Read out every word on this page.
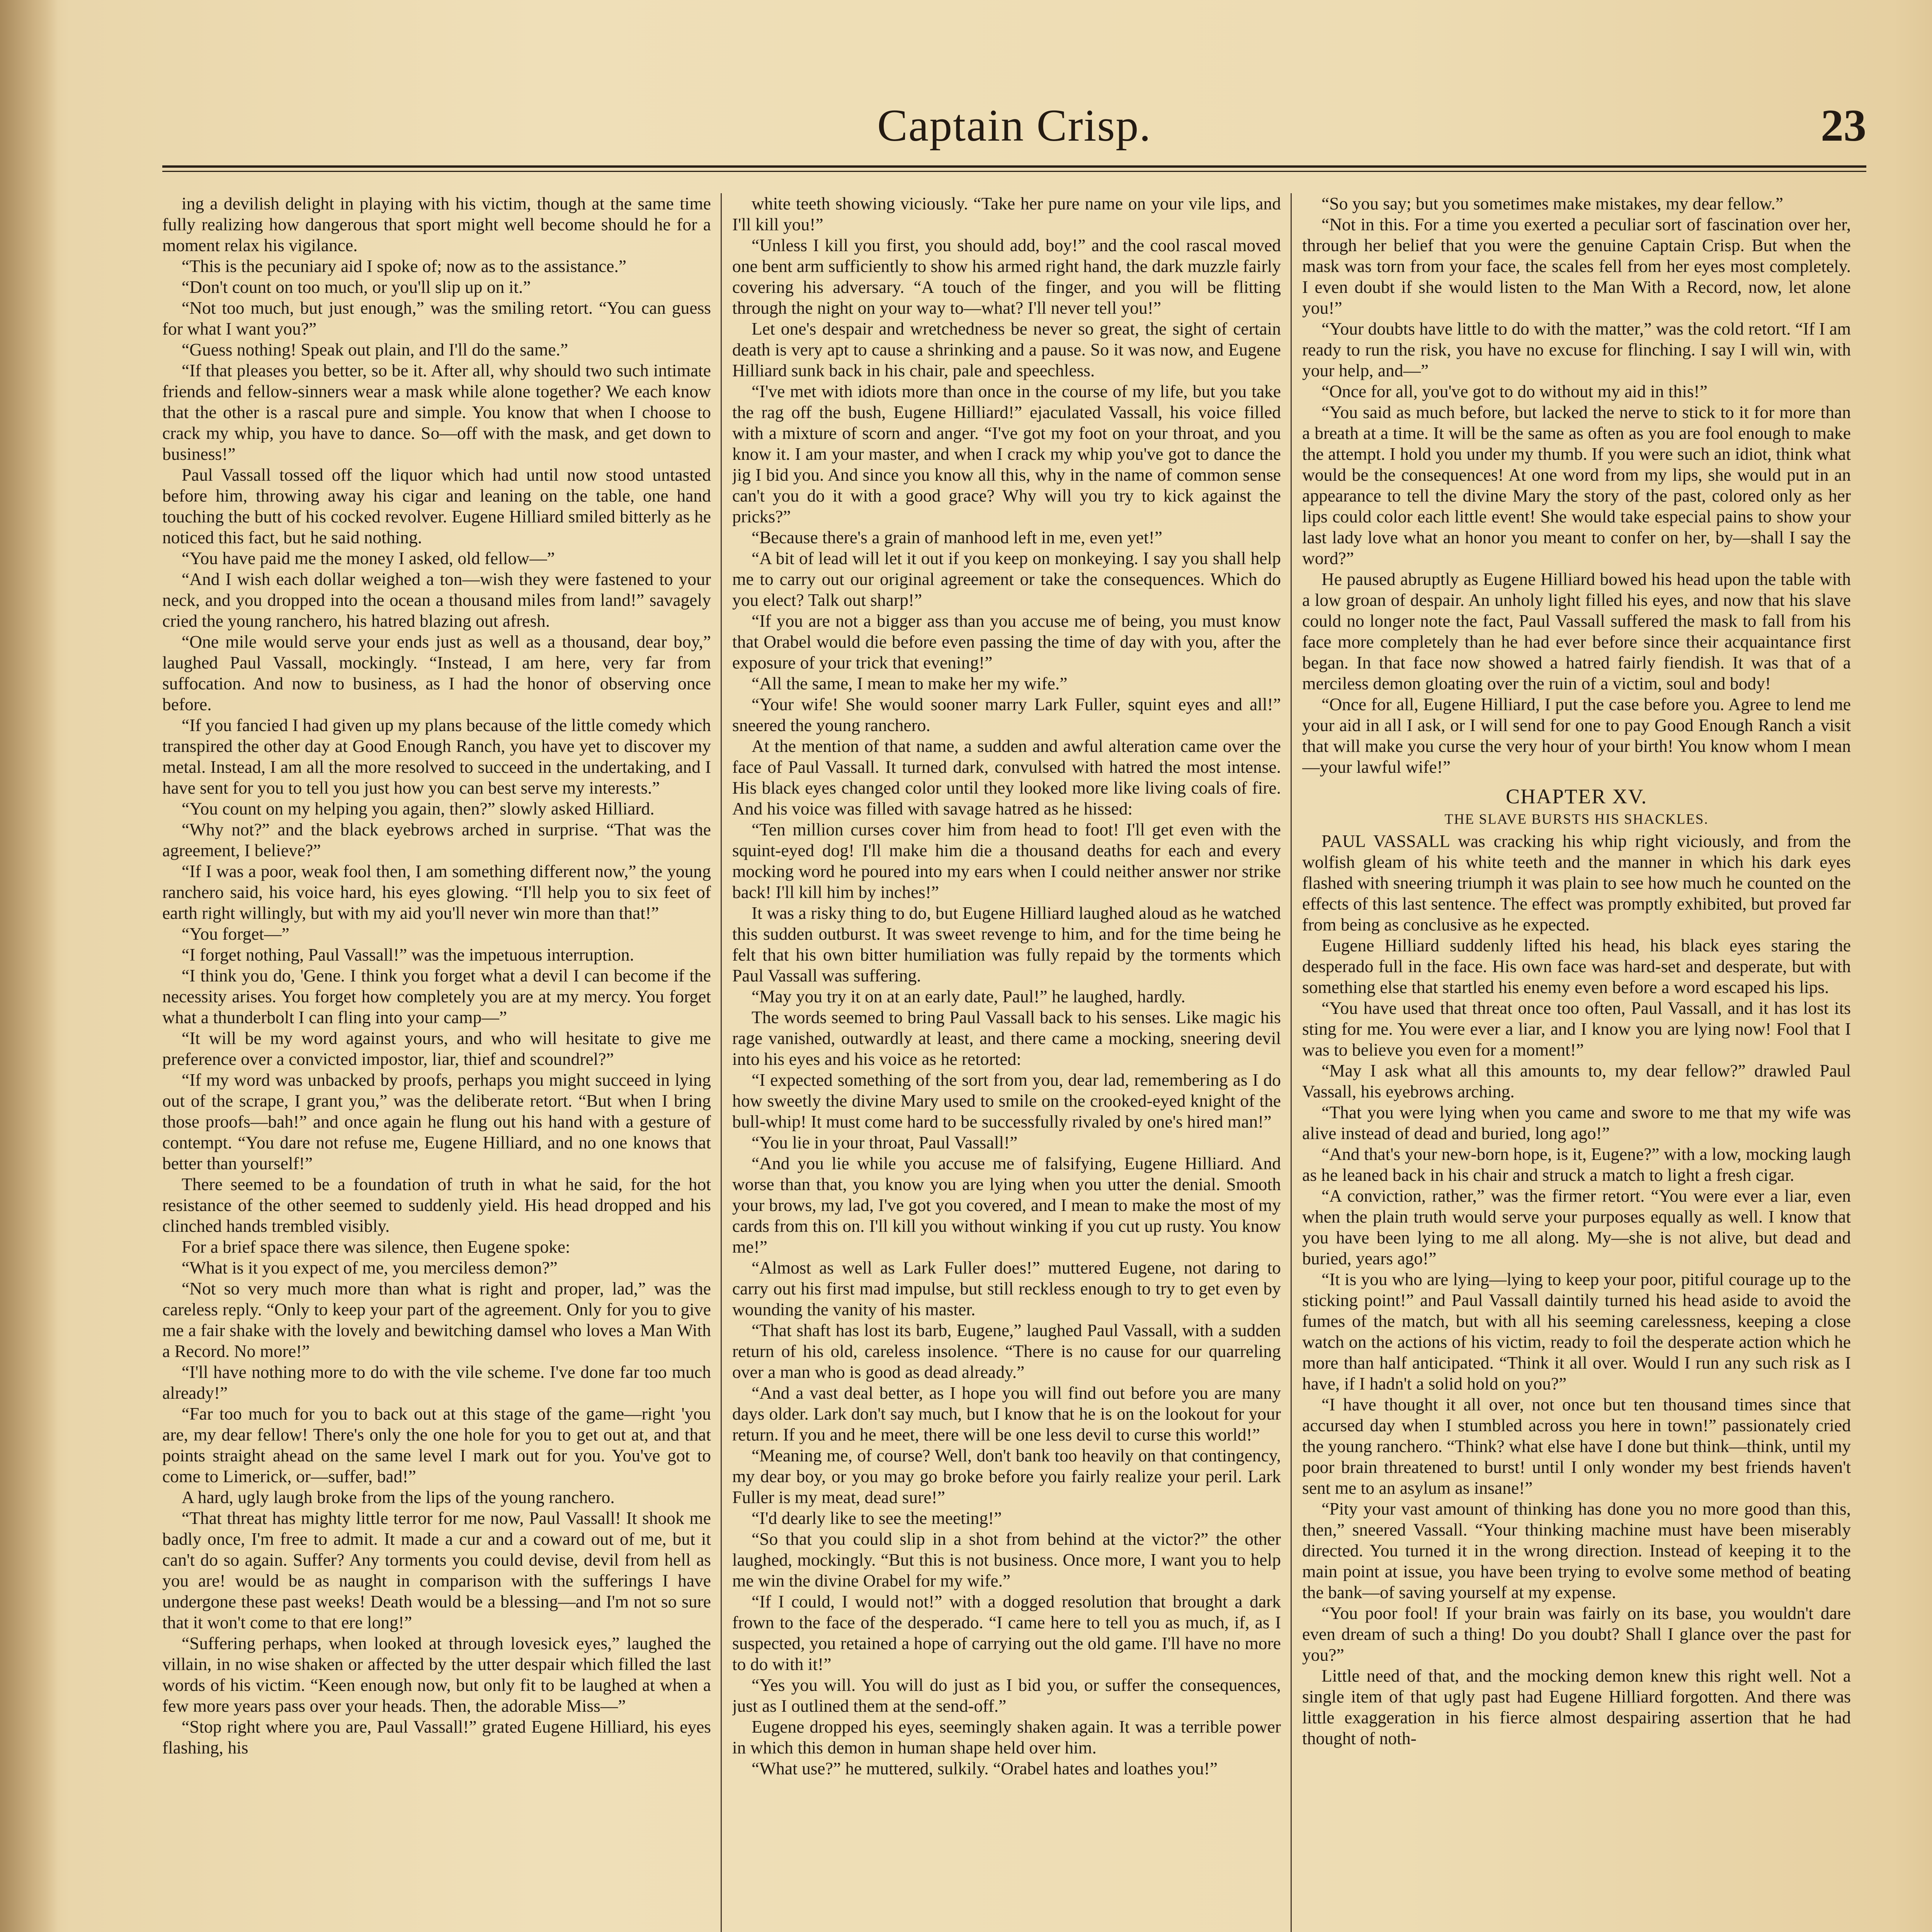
Captain Crisp.	23

ing a devilish delight in playing with his victim, though at the same time fully realizing how dangerous that sport might well become should he for a moment relax his vigilance.

“This is the pecuniary aid I spoke of; now as to the assistance.”

“Don't count on too much, or you'll slip up on it.”

“Not too much, but just enough,” was the smiling retort. “You can guess for what I want you?”

“Guess nothing! Speak out plain, and I'll do the same.”

“If that pleases you better, so be it. After all, why should two such intimate friends and fellow-sinners wear a mask while alone together? We each know that the other is a rascal pure and simple. You know that when I choose to crack my whip, you have to dance. So—off with the mask, and get down to business!”

Paul Vassall tossed off the liquor which had until now stood untasted before him, throwing away his cigar and leaning on the table, one hand touching the butt of his cocked revolver. Eugene Hilliard smiled bitterly as he noticed this fact, but he said nothing.

“You have paid me the money I asked, old fellow—”

“And I wish each dollar weighed a ton—wish they were fastened to your neck, and you dropped into the ocean a thousand miles from land!” savagely cried the young ranchero, his hatred blazing out afresh.

“One mile would serve your ends just as well as a thousand, dear boy,” laughed Paul Vassall, mockingly. “Instead, I am here, very far from suffocation. And now to business, as I had the honor of observing once before.

“If you fancied I had given up my plans because of the little comedy which transpired the other day at Good Enough Ranch, you have yet to discover my metal. Instead, I am all the more resolved to succeed in the undertaking, and I have sent for you to tell you just how you can best serve my interests.”

“You count on my helping you again, then?” slowly asked Hilliard.

“Why not?” and the black eyebrows arched in surprise. “That was the agreement, I believe?”

“If I was a poor, weak fool then, I am something different now,” the young ranchero said, his voice hard, his eyes glowing. “I'll help you to six feet of earth right willingly, but with my aid you'll never win more than that!”

“You forget—”

“I forget nothing, Paul Vassall!” was the impetuous interruption.

“I think you do, 'Gene. I think you forget what a devil I can become if the necessity arises. You forget how completely you are at my mercy. You forget what a thunderbolt I can fling into your camp—”

“It will be my word against yours, and who will hesitate to give me preference over a convicted impostor, liar, thief and scoundrel?”

“If my word was unbacked by proofs, perhaps you might succeed in lying out of the scrape, I grant you,” was the deliberate retort. “But when I bring those proofs—bah!” and once again he flung out his hand with a gesture of contempt. “You dare not refuse me, Eugene Hilliard, and no one knows that better than yourself!”

There seemed to be a foundation of truth in what he said, for the hot resistance of the other seemed to suddenly yield. His head dropped and his clinched hands trembled visibly.

For a brief space there was silence, then Eugene spoke:

“What is it you expect of me, you merciless demon?”

“Not so very much more than what is right and proper, lad,” was the careless reply. “Only to keep your part of the agreement. Only for you to give me a fair shake with the lovely and bewitching damsel who loves a Man With a Record. No more!”

“I'll have nothing more to do with the vile scheme. I've done far too much already!”

“Far too much for you to back out at this stage of the game—right 'you are, my dear fellow! There's only the one hole for you to get out at, and that points straight ahead on the same level I mark out for you. You've got to come to Limerick, or—suffer, bad!”

A hard, ugly laugh broke from the lips of the young ranchero.

“That threat has mighty little terror for me now, Paul Vassall! It shook me badly once, I'm free to admit. It made a cur and a coward out of me, but it can't do so again. Suffer? Any torments you could devise, devil from hell as you are! would be as naught in comparison with the sufferings I have undergone these past weeks! Death would be a blessing—and I'm not so sure that it won't come to that ere long!”

“Suffering perhaps, when looked at through lovesick eyes,” laughed the villain, in no wise shaken or affected by the utter despair which filled the last words of his victim. “Keen enough now, but only fit to be laughed at when a few more years pass over your heads. Then, the adorable Miss—”

“Stop right where you are, Paul Vassall!” grated Eugene Hilliard, his eyes flashing, his

white teeth showing viciously. “Take her pure name on your vile lips, and I'll kill you!”

“Unless I kill you first, you should add, boy!” and the cool rascal moved one bent arm sufficiently to show his armed right hand, the dark muzzle fairly covering his adversary. “A touch of the finger, and you will be flitting through the night on your way to—what? I'll never tell you!”

Let one's despair and wretchedness be never so great, the sight of certain death is very apt to cause a shrinking and a pause. So it was now, and Eugene Hilliard sunk back in his chair, pale and speechless.

“I've met with idiots more than once in the course of my life, but you take the rag off the bush, Eugene Hilliard!” ejaculated Vassall, his voice filled with a mixture of scorn and anger. “I've got my foot on your throat, and you know it. I am your master, and when I crack my whip you've got to dance the jig I bid you. And since you know all this, why in the name of common sense can't you do it with a good grace? Why will you try to kick against the pricks?”

“Because there's a grain of manhood left in me, even yet!”

“A bit of lead will let it out if you keep on monkeying. I say you shall help me to carry out our original agreement or take the consequences. Which do you elect? Talk out sharp!”

“If you are not a bigger ass than you accuse me of being, you must know that Orabel would die before even passing the time of day with you, after the exposure of your trick that evening!”

“All the same, I mean to make her my wife.”

“Your wife! She would sooner marry Lark Fuller, squint eyes and all!” sneered the young ranchero.

At the mention of that name, a sudden and awful alteration came over the face of Paul Vassall. It turned dark, convulsed with hatred the most intense. His black eyes changed color until they looked more like living coals of fire. And his voice was filled with savage hatred as he hissed:

“Ten million curses cover him from head to foot! I'll get even with the squint-eyed dog! I'll make him die a thousand deaths for each and every mocking word he poured into my ears when I could neither answer nor strike back! I'll kill him by inches!”

It was a risky thing to do, but Eugene Hilliard laughed aloud as he watched this sudden outburst. It was sweet revenge to him, and for the time being he felt that his own bitter humiliation was fully repaid by the torments which Paul Vassall was suffering.

“May you try it on at an early date, Paul!” he laughed, hardly.

The words seemed to bring Paul Vassall back to his senses. Like magic his rage vanished, outwardly at least, and there came a mocking, sneering devil into his eyes and his voice as he retorted:

“I expected something of the sort from you, dear lad, remembering as I do how sweetly the divine Mary used to smile on the crooked-eyed knight of the bull-whip! It must come hard to be successfully rivaled by one's hired man!”

“You lie in your throat, Paul Vassall!”

“And you lie while you accuse me of falsifying, Eugene Hilliard. And worse than that, you know you are lying when you utter the denial. Smooth your brows, my lad, I've got you covered, and I mean to make the most of my cards from this on. I'll kill you without winking if you cut up rusty. You know me!”

“Almost as well as Lark Fuller does!” muttered Eugene, not daring to carry out his first mad impulse, but still reckless enough to try to get even by wounding the vanity of his master.

“That shaft has lost its barb, Eugene,” laughed Paul Vassall, with a sudden return of his old, careless insolence. “There is no cause for our quarreling over a man who is good as dead already.”

“And a vast deal better, as I hope you will find out before you are many days older. Lark don't say much, but I know that he is on the lookout for your return. If you and he meet, there will be one less devil to curse this world!”

“Meaning me, of course? Well, don't bank too heavily on that contingency, my dear boy, or you may go broke before you fairly realize your peril. Lark Fuller is my meat, dead sure!”

“I'd dearly like to see the meeting!”

“So that you could slip in a shot from behind at the victor?” the other laughed, mockingly. “But this is not business. Once more, I want you to help me win the divine Orabel for my wife.”

“If I could, I would not!” with a dogged resolution that brought a dark frown to the face of the desperado. “I came here to tell you as much, if, as I suspected, you retained a hope of carrying out the old game. I'll have no more to do with it!”

“Yes you will. You will do just as I bid you, or suffer the consequences, just as I outlined them at the send-off.”

Eugene dropped his eyes, seemingly shaken again. It was a terrible power in which this demon in human shape held over him.

“What use?” he muttered, sulkily. “Orabel hates and loathes you!”

“So you say; but you sometimes make mistakes, my dear fellow.”

“Not in this. For a time you exerted a peculiar sort of fascination over her, through her belief that you were the genuine Captain Crisp. But when the mask was torn from your face, the scales fell from her eyes most completely. I even doubt if she would listen to the Man With a Record, now, let alone you!”

“Your doubts have little to do with the matter,” was the cold retort. “If I am ready to run the risk, you have no excuse for flinching. I say I will win, with your help, and—”

“Once for all, you've got to do without my aid in this!”

“You said as much before, but lacked the nerve to stick to it for more than a breath at a time. It will be the same as often as you are fool enough to make the attempt. I hold you under my thumb. If you were such an idiot, think what would be the consequences! At one word from my lips, she would put in an appearance to tell the divine Mary the story of the past, colored only as her lips could color each little event! She would take especial pains to show your last lady love what an honor you meant to confer on her, by—shall I say the word?”

He paused abruptly as Eugene Hilliard bowed his head upon the table with a low groan of despair. An unholy light filled his eyes, and now that his slave could no longer note the fact, Paul Vassall suffered the mask to fall from his face more completely than he had ever before since their acquaintance first began. In that face now showed a hatred fairly fiendish. It was that of a merciless demon gloating over the ruin of a victim, soul and body!

“Once for all, Eugene Hilliard, I put the case before you. Agree to lend me your aid in all I ask, or I will send for one to pay Good Enough Ranch a visit that will make you curse the very hour of your birth! You know whom I mean—your lawful wife!”

CHAPTER XV.
THE SLAVE BURSTS HIS SHACKLES.

PAUL VASSALL was cracking his whip right viciously, and from the wolfish gleam of his white teeth and the manner in which his dark eyes flashed with sneering triumph it was plain to see how much he counted on the effects of this last sentence. The effect was promptly exhibited, but proved far from being as conclusive as he expected.

Eugene Hilliard suddenly lifted his head, his black eyes staring the desperado full in the face. His own face was hard-set and desperate, but with something else that startled his enemy even before a word escaped his lips.

“You have used that threat once too often, Paul Vassall, and it has lost its sting for me. You were ever a liar, and I know you are lying now! Fool that I was to believe you even for a moment!”

“May I ask what all this amounts to, my dear fellow?” drawled Paul Vassall, his eyebrows arching.

“That you were lying when you came and swore to me that my wife was alive instead of dead and buried, long ago!”

“And that's your new-born hope, is it, Eugene?” with a low, mocking laugh as he leaned back in his chair and struck a match to light a fresh cigar.

“A conviction, rather,” was the firmer retort. “You were ever a liar, even when the plain truth would serve your purposes equally as well. I know that you have been lying to me all along. My—she is not alive, but dead and buried, years ago!”

“It is you who are lying—lying to keep your poor, pitiful courage up to the sticking point!” and Paul Vassall daintily turned his head aside to avoid the fumes of the match, but with all his seeming carelessness, keeping a close watch on the actions of his victim, ready to foil the desperate action which he more than half anticipated. “Think it all over. Would I run any such risk as I have, if I hadn't a solid hold on you?”

“I have thought it all over, not once but ten thousand times since that accursed day when I stumbled across you here in town!” passionately cried the young ranchero. “Think? what else have I done but think—think, until my poor brain threatened to burst! until I only wonder my best friends haven't sent me to an asylum as insane!”

“Pity your vast amount of thinking has done you no more good than this, then,” sneered Vassall. “Your thinking machine must have been miserably directed. You turned it in the wrong direction. Instead of keeping it to the main point at issue, you have been trying to evolve some method of beating the bank—of saving yourself at my expense.

“You poor fool! If your brain was fairly on its base, you wouldn't dare even dream of such a thing! Do you doubt? Shall I glance over the past for you?”

Little need of that, and the mocking demon knew this right well. Not a single item of that ugly past had Eugene Hilliard forgotten. And there was little exaggeration in his fierce almost despairing assertion that he had thought of noth-
